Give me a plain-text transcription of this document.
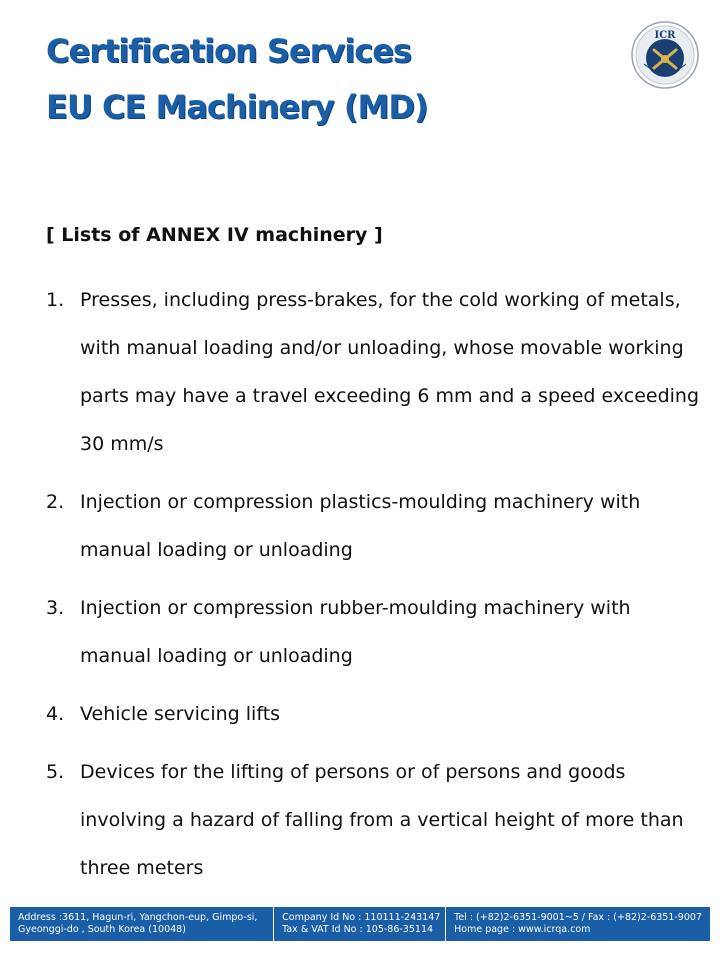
Certification Services
EU CE Machinery (MD)
ICR
[ Lists of ANNEX IV machinery ]
1. Presses, including press-brakes, for the cold working of metals,
with manual loading and/or unloading, whose movable working
parts may have a travel exceeding 6 mm and a speed exceeding
30 mm/s
2. Injection or compression plastics-moulding machinery with
manual loading or unloading
3. Injection or compression rubber-moulding machinery with
manual loading or unloading
4. Vehicle servicing lifts
5. Devices for the lifting of persons or of persons and goods
involving a hazard of falling from a vertical height of more than
three meters
Address :3611, Hagun-ri, Yangchon-eup, Gimpo-si,
Gyeonggi-do , South Korea (10048)
Company Id No : 110111-243147
Tax & VAT Id No : 105-86-35114
Tel : (+82)2-6351-9001~5 / Fax : (+82)2-6351-9007
Home page : www.icrqa.com
